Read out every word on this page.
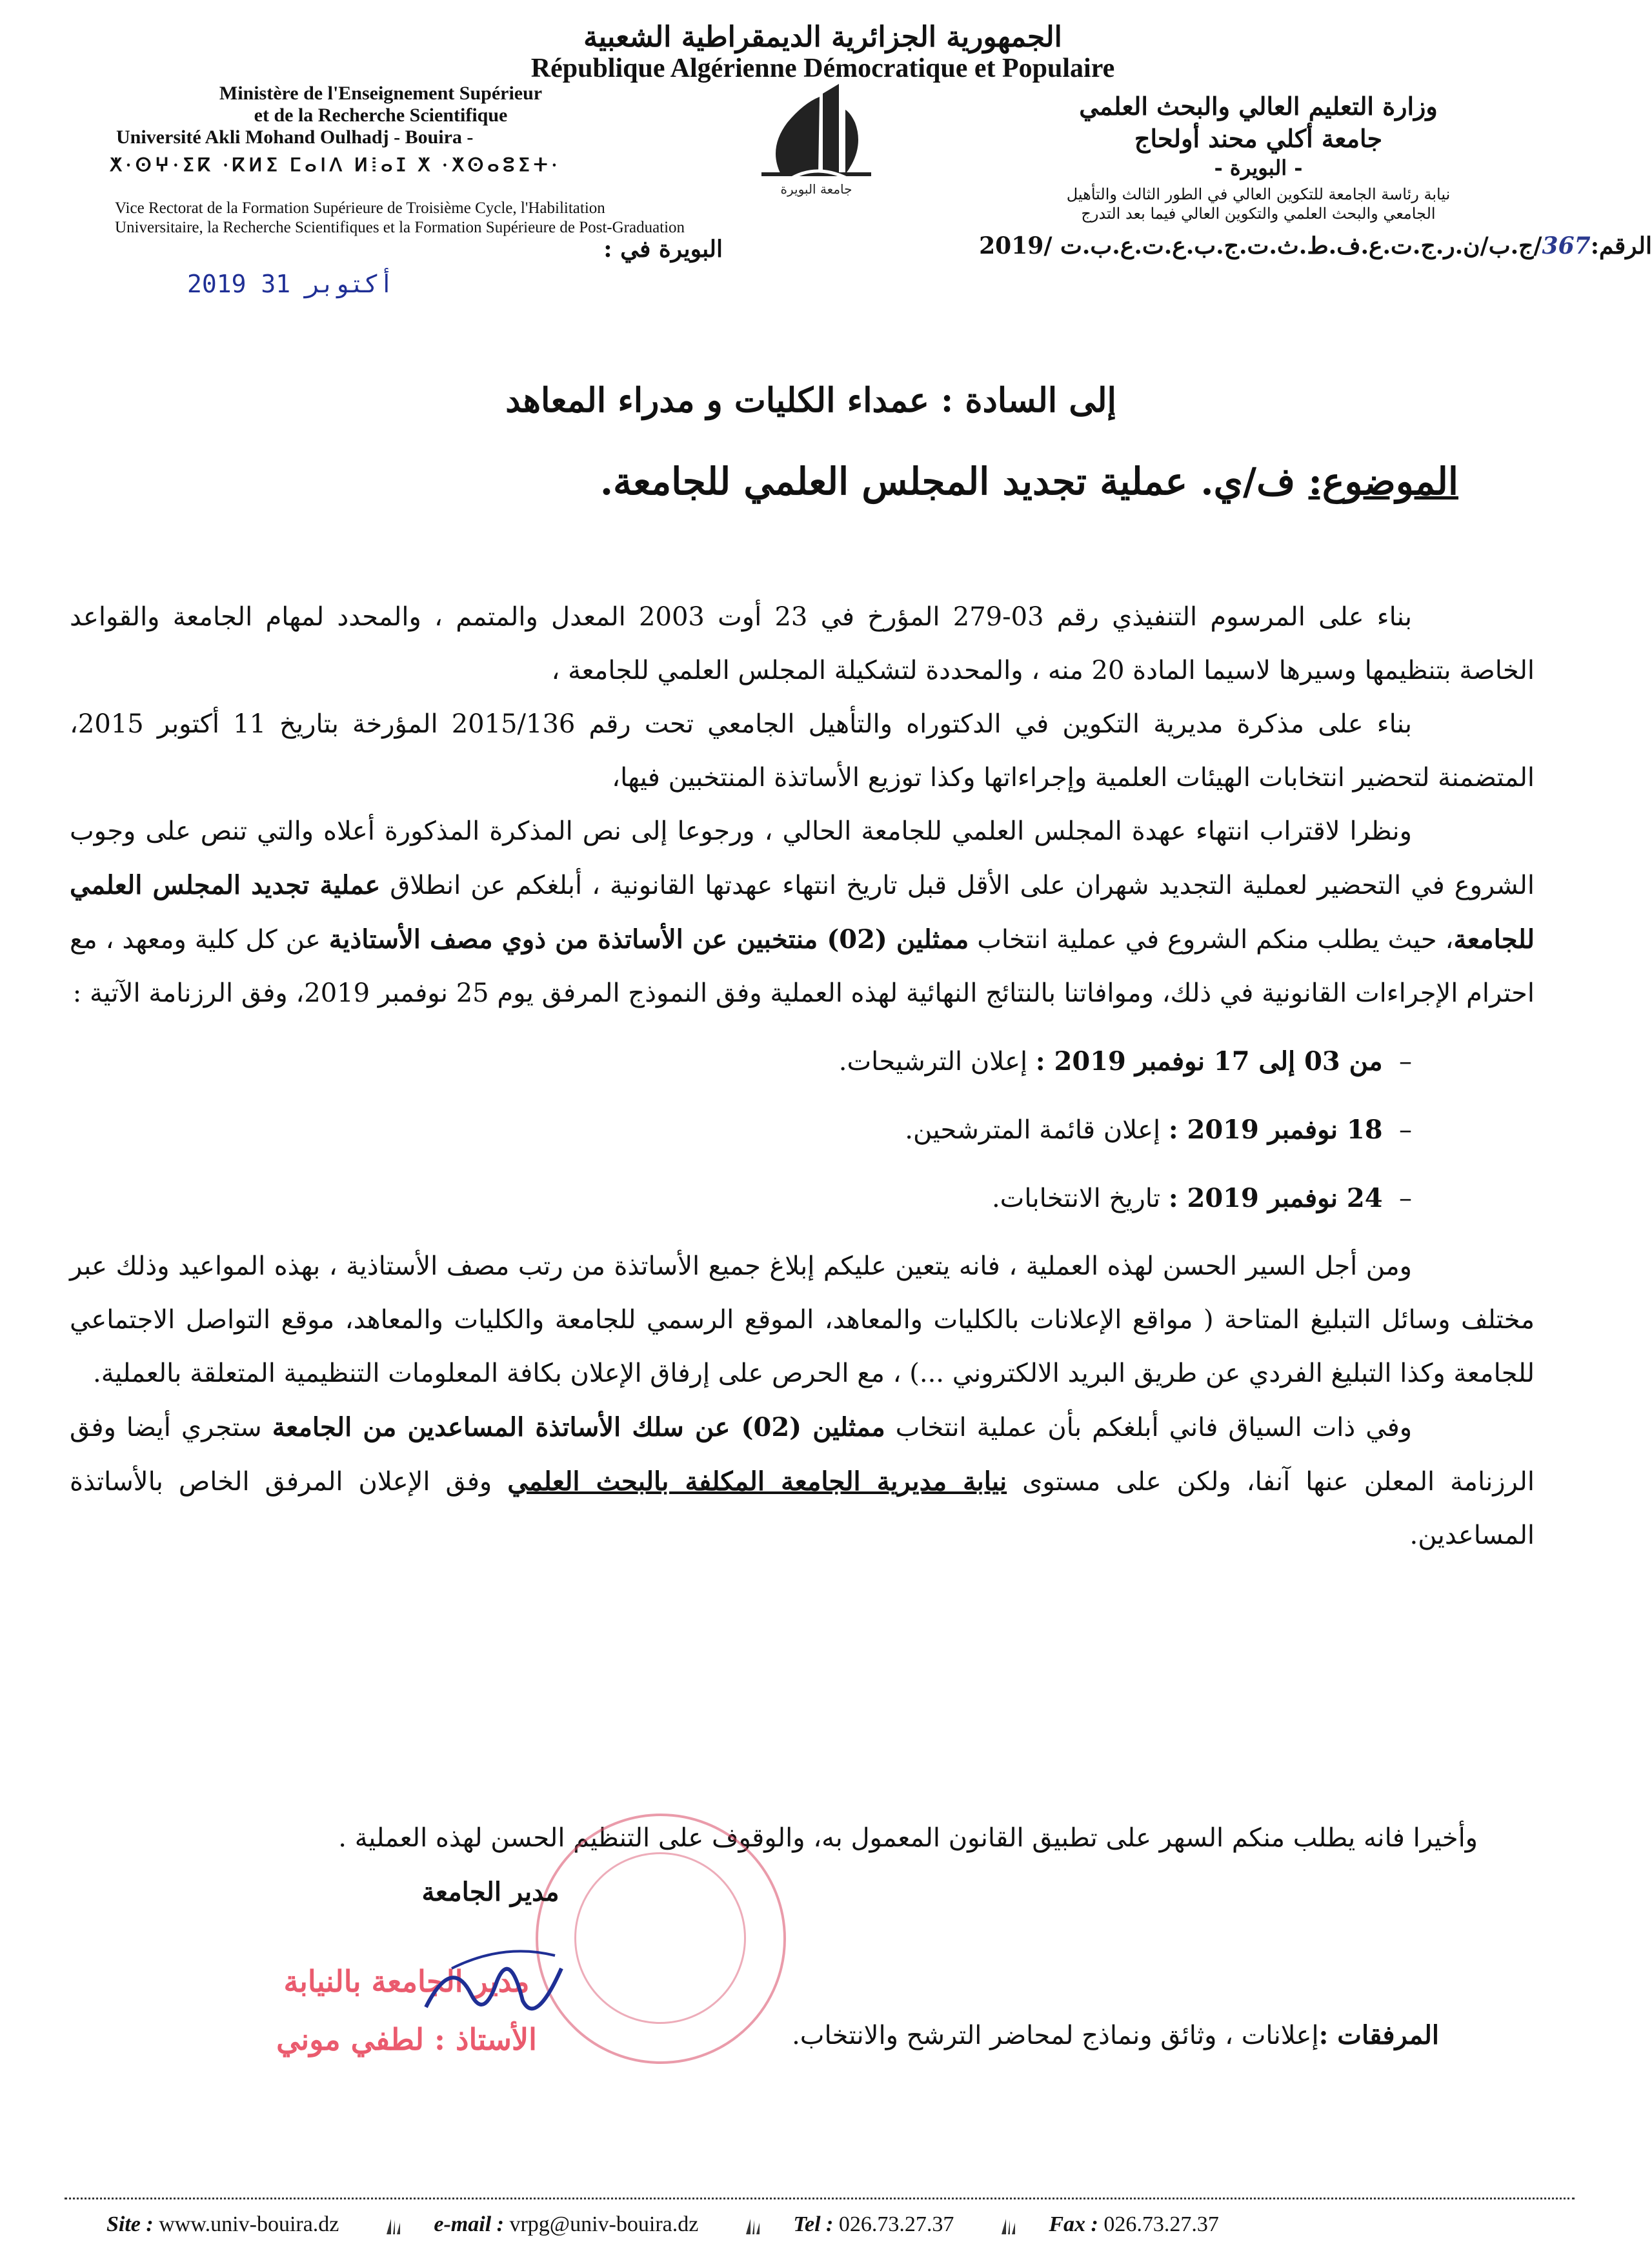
الجمهورية الجزائرية الديمقراطية الشعبية
République Algérienne Démocratique et Populaire
Ministère de l'Enseignement Supérieur
et de la Recherche Scientifique
Université Akli Mohand Oulhadj - Bouira -
ⵅ·ⵙⵖ·ⵉⴽ ·ⴽⵍⵉ ⵎⴰⵏⴷ ⵍⵂⴰⵊ ⵅ ·ⵅⵙⴰⵓⵉⵜ·
Vice Rectorat de la Formation Supérieure de Troisième Cycle, l'Habilitation
Universitaire, la Recherche Scientifiques et la Formation Supérieure de Post-Graduation
جامعة البويرة
وزارة التعليم العالي والبحث العلمي
جامعة أكلي محند أولحاج
- البويرة -
نيابة رئاسة الجامعة للتكوين العالي في الطور الثالث والتأهيل
الجامعي والبحث العلمي والتكوين العالي فيما بعد التدرج
الرقم:367/ج.ب/ن.ر.ج.ت.ع.ف.ط.ث.ت.ج.ب.ع.ت.ع.ب.ت /2019
البويرة في :
2019 أكتوبر 31
إلى السادة : عمداء الكليات و مدراء المعاهد
الموضوع: ف/ي. عملية تجديد المجلس العلمي للجامعة.

بناء على المرسوم التنفيذي رقم 03-279 المؤرخ في 23 أوت 2003 المعدل والمتمم ، والمحدد لمهام الجامعة والقواعد الخاصة بتنظيمها وسيرها لاسيما المادة 20 منه ، والمحددة لتشكيلة المجلس العلمي للجامعة ،

بناء على مذكرة مديرية التكوين في الدكتوراه والتأهيل الجامعي تحت رقم 2015/136 المؤرخة بتاريخ 11 أكتوبر 2015، المتضمنة لتحضير انتخابات الهيئات العلمية وإجراءاتها وكذا توزيع الأساتذة المنتخبين فيها،

ونظرا لاقتراب انتهاء عهدة المجلس العلمي للجامعة الحالي ، ورجوعا إلى نص المذكرة المذكورة أعلاه والتي تنص على وجوب الشروع في التحضير لعملية التجديد شهران على الأقل قبل تاريخ انتهاء عهدتها القانونية ، أبلغكم عن انطلاق عملية تجديد المجلس العلمي للجامعة، حيث يطلب منكم الشروع في عملية انتخاب ممثلين (02) منتخبين عن الأساتذة من ذوي مصف الأستاذية عن كل كلية ومعهد ، مع احترام الإجراءات القانونية في ذلك، وموافاتنا بالنتائج النهائية لهذه العملية وفق النموذج المرفق يوم 25 نوفمبر 2019، وفق الرزنامة الآتية :

–  من 03 إلى 17 نوفمبر 2019 : إعلان الترشيحات.

–  18 نوفمبر 2019 : إعلان قائمة المترشحين.

–  24 نوفمبر 2019 : تاريخ الانتخابات.

ومن أجل السير الحسن لهذه العملية ، فانه يتعين عليكم إبلاغ جميع الأساتذة من رتب مصف الأستاذية ، بهذه المواعيد وذلك عبر مختلف وسائل التبليغ المتاحة ( مواقع الإعلانات بالكليات والمعاهد، الموقع الرسمي للجامعة والكليات والمعاهد، موقع التواصل الاجتماعي للجامعة وكذا التبليغ الفردي عن طريق البريد الالكتروني ...) ، مع الحرص على إرفاق الإعلان بكافة المعلومات التنظيمية المتعلقة بالعملية.

وفي ذات السياق فاني أبلغكم بأن عملية انتخاب ممثلين (02) عن سلك الأساتذة المساعدين من الجامعة ستجري أيضا وفق الرزنامة المعلن عنها آنفا، ولكن على مستوى نيابة مديرية الجامعة المكلفة بالبحث العلمي وفق الإعلان المرفق الخاص بالأساتذة المساعدين.

وأخيرا فانه يطلب منكم السهر على تطبيق القانون المعمول به، والوقوف على التنظيم الحسن لهذه العملية .
مدير الجامعة
مدير الجامعة بالنيابة
الأستاذ : لطفي موني	المرفقات :إعلانات ، وثائق ونماذج لمحاضر الترشح والانتخاب.
Site : www.univ-bouira.dz	e-mail : vrpg@univ-bouira.dz	Tel : 026.73.27.37	Fax : 026.73.27.37
